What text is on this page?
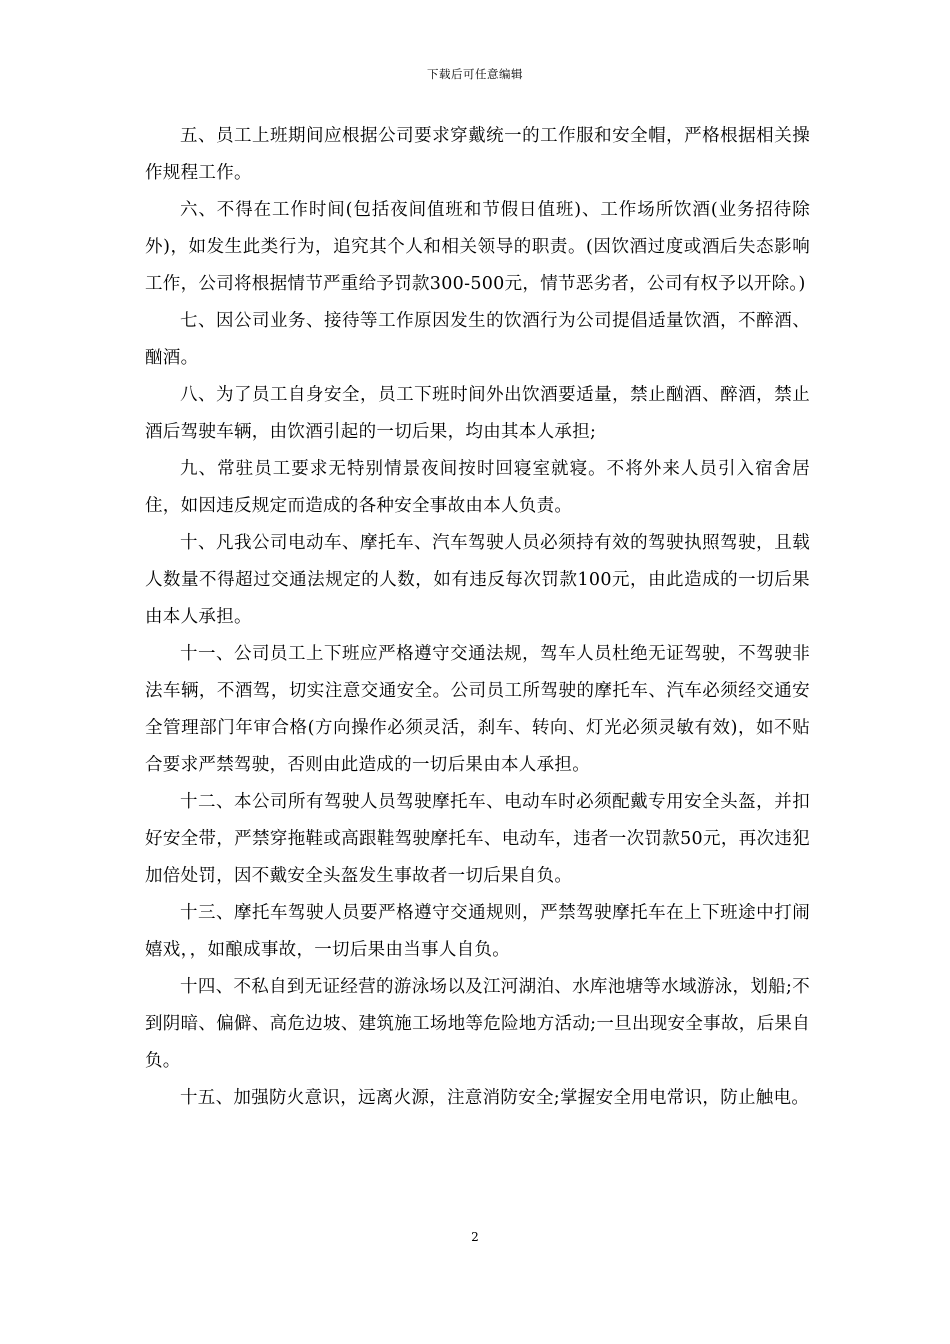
下载后可任意编辑

五、员工上班期间应根据公司要求穿戴统一的工作服和安全帽，严格根据相关操作规程工作。

六、不得在工作时间(包括夜间值班和节假日值班)、工作场所饮酒(业务招待除外)，如发生此类行为，追究其个人和相关领导的职责。(因饮酒过度或酒后失态影响工作，公司将根据情节严重给予罚款300-500元，情节恶劣者，公司有权予以开除。)

七、因公司业务、接待等工作原因发生的饮酒行为公司提倡适量饮酒，不醉酒、酗酒。

八、为了员工自身安全，员工下班时间外出饮酒要适量，禁止酗酒、醉酒，禁止酒后驾驶车辆，由饮酒引起的一切后果，均由其本人承担;

九、常驻员工要求无特别情景夜间按时回寝室就寝。不将外来人员引入宿舍居住，如因违反规定而造成的各种安全事故由本人负责。

十、凡我公司电动车、摩托车、汽车驾驶人员必须持有效的驾驶执照驾驶，且载人数量不得超过交通法规定的人数，如有违反每次罚款100元，由此造成的一切后果由本人承担。

十一、公司员工上下班应严格遵守交通法规，驾车人员杜绝无证驾驶，不驾驶非法车辆，不酒驾，切实注意交通安全。公司员工所驾驶的摩托车、汽车必须经交通安全管理部门年审合格(方向操作必须灵活，刹车、转向、灯光必须灵敏有效)，如不贴合要求严禁驾驶，否则由此造成的一切后果由本人承担。

十二、本公司所有驾驶人员驾驶摩托车、电动车时必须配戴专用安全头盔，并扣好安全带，严禁穿拖鞋或高跟鞋驾驶摩托车、电动车，违者一次罚款50元，再次违犯加倍处罚，因不戴安全头盔发生事故者一切后果自负。

十三、摩托车驾驶人员要严格遵守交通规则，严禁驾驶摩托车在上下班途中打闹嬉戏，，如酿成事故，一切后果由当事人自负。

十四、不私自到无证经营的游泳场以及江河湖泊、水库池塘等水域游泳，划船;不到阴暗、偏僻、高危边坡、建筑施工场地等危险地方活动;一旦出现安全事故，后果自负。

十五、加强防火意识，远离火源，注意消防安全;掌握安全用电常识，防止触电。

2
